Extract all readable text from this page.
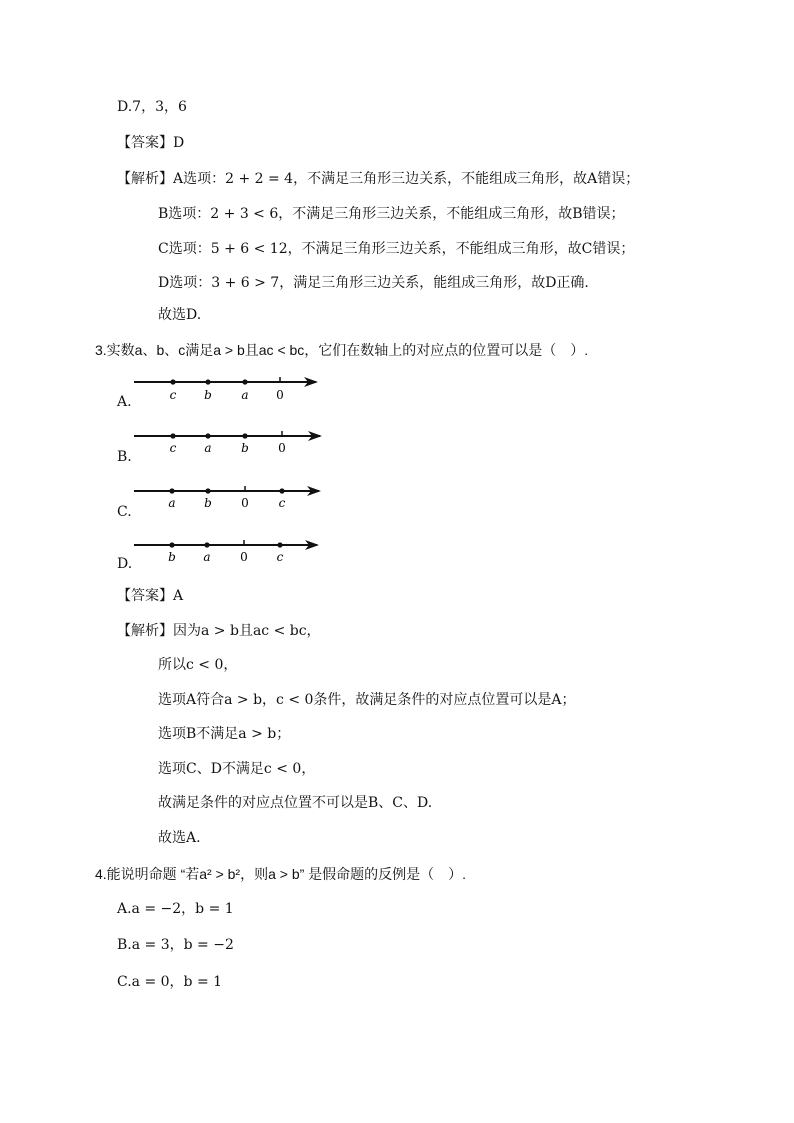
D.7，3，6
【答案】D
【解析】A选项：2 + 2 = 4，不满足三角形三边关系，不能组成三角形，故A错误；
B选项：2 + 3 < 6，不满足三角形三边关系，不能组成三角形，故B错误；
C选项：5 + 6 < 12，不满足三角形三边关系，不能组成三角形，故C错误；
D选项：3 + 6 > 7，满足三角形三边关系，能组成三角形，故D正确.
故选D.
3.实数a、b、c满足a > b且ac < bc，它们在数轴上的对应点的位置可以是（　）.
A.
B.
C.
D.
c b a 0
c a b 0
a b 0 c
b a 0 c
【答案】A
【解析】因为a > b且ac < bc，
所以c < 0，
选项A符合a > b，c < 0条件，故满足条件的对应点位置可以是A；
选项B不满足a > b；
选项C、D不满足c < 0，
故满足条件的对应点位置不可以是B、C、D.
故选A.
4.能说明命题 “若a² > b²，则a > b” 是假命题的反例是（　）.
A.a = −2，b = 1
B.a = 3，b = −2
C.a = 0，b = 1
